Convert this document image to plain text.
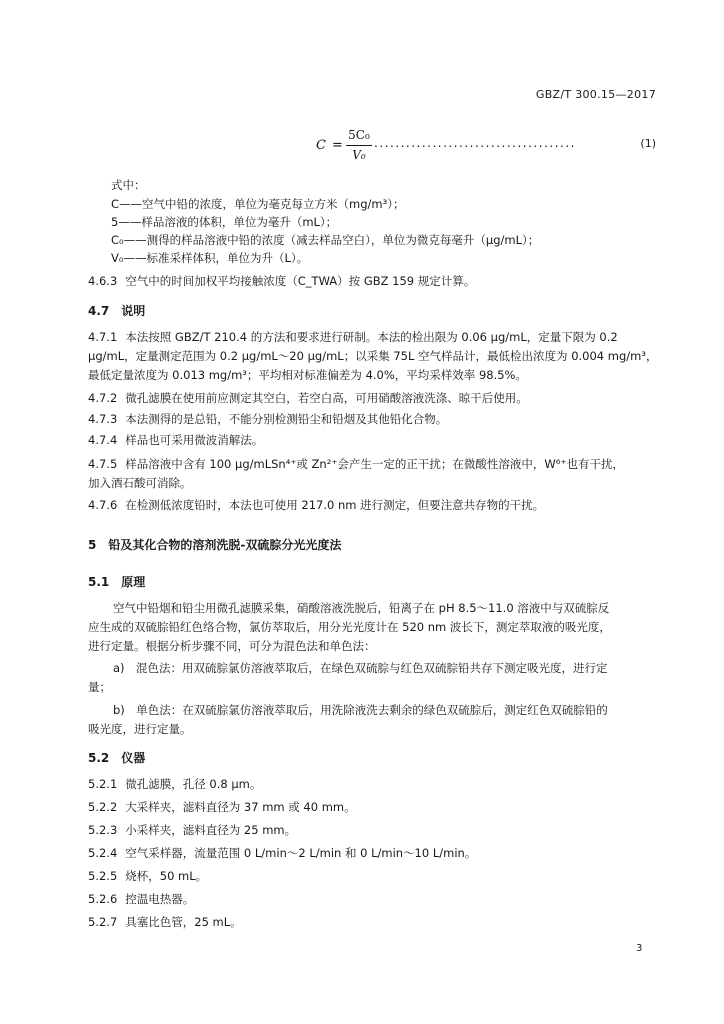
GBZ/T 300.15—2017
C =
5C₀
V₀
......................................	(1)
式中：
C——空气中铅的浓度，单位为毫克每立方米（mg/m³）；
5——样品溶液的体积，单位为毫升（mL）；
C₀——测得的样品溶液中铅的浓度（减去样品空白），单位为微克每毫升（μg/mL）；
V₀——标准采样体积，单位为升（L）。
4.6.3 空气中的时间加权平均接触浓度（C_TWA）按 GBZ 159 规定计算。
4.7 说明
4.7.1 本法按照 GBZ/T 210.4 的方法和要求进行研制。本法的检出限为 0.06 μg/mL，定量下限为 0.2
μg/mL，定量测定范围为 0.2 μg/mL～20 μg/mL；以采集 75L 空气样品计，最低检出浓度为 0.004 mg/m³，
最低定量浓度为 0.013 mg/m³；平均相对标准偏差为 4.0%，平均采样效率 98.5%。
4.7.2 微孔滤膜在使用前应测定其空白，若空白高，可用硝酸溶液洗涤、晾干后使用。
4.7.3 本法测得的是总铅，不能分别检测铅尘和铅烟及其他铅化合物。
4.7.4 样品也可采用微波消解法。
4.7.5 样品溶液中含有 100 μg/mLSn⁴⁺或 Zn²⁺会产生一定的正干扰；在微酸性溶液中，W⁶⁺也有干扰，
加入酒石酸可消除。
4.7.6 在检测低浓度铅时，本法也可使用 217.0 nm 进行测定，但要注意共存物的干扰。
5 铅及其化合物的溶剂洗脱-双硫腙分光光度法
5.1 原理
空气中铅烟和铅尘用微孔滤膜采集，硝酸溶液洗脱后，铅离子在 pH 8.5～11.0 溶液中与双硫腙反
应生成的双硫腙铅红色络合物，氯仿萃取后，用分光光度计在 520 nm 波长下，测定萃取液的吸光度，
进行定量。根据分析步骤不同，可分为混色法和单色法：
a)　混色法：用双硫腙氯仿溶液萃取后，在绿色双硫腙与红色双硫腙铅共存下测定吸光度，进行定
量；
b)　单色法：在双硫腙氯仿溶液萃取后，用洗除液洗去剩余的绿色双硫腙后，测定红色双硫腙铅的
吸光度，进行定量。
5.2 仪器
5.2.1 微孔滤膜，孔径 0.8 μm。
5.2.2 大采样夹，滤料直径为 37 mm 或 40 mm。
5.2.3 小采样夹，滤料直径为 25 mm。
5.2.4 空气采样器，流量范围 0 L/min～2 L/min 和 0 L/min～10 L/min。
5.2.5 烧杯，50 mL。
5.2.6 控温电热器。
5.2.7 具塞比色管，25 mL。
3
